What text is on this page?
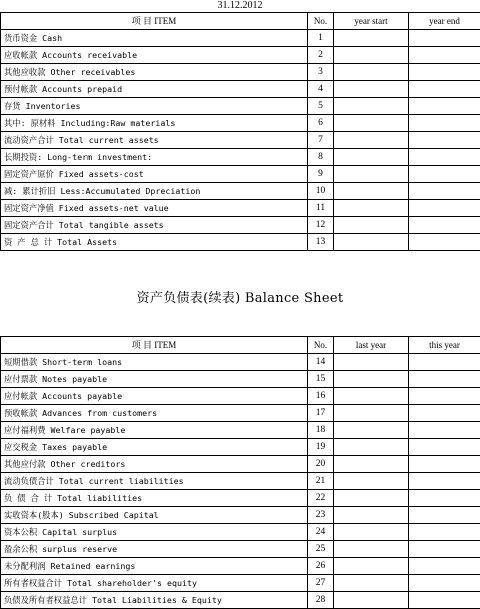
31.12.2012
项 目 ITEM	No.	year start	year end
货币资金 Cash	1		
应收帐款 Accounts receivable	2		
其他应收款 Other receivables	3		
预付帐款 Accounts prepaid	4		
存货 Inventories	5		
其中: 原材料 Including:Raw materials	6		
流动资产合计 Total current assets	7		
长期投资: Long-term investment:	8		
固定资产原价 Fixed assets-cost	9		
减: 累计折旧 Less:Accumulated Dpreciation	10		
固定资产净值 Fixed assets-net value	11		
固定资产合计 Total tangible assets	12		
资 产 总 计 Total Assets	13		
资产负债表(续表) Balance Sheet
项 目 ITEM	No.	last year	this year
短期借款 Short-term loans	14		
应付票款 Notes payable	15		
应付帐款 Accounts payable	16		
预收帐款 Advances from customers	17		
应付福利费 Welfare payable	18		
应交税金 Taxes payable	19		
其他应付款 Other creditors	20		
流动负债合计 Total current liabilities	21		
负 债 合 计 Total liabilities	22		
实收资本(股本) Subscribed Capital	23		
资本公积 Capital surplus	24		
盈余公积 surplus reserve	25		
未分配利润 Retained earnings	26		
所有者权益合计 Total shareholder's equity	27		
负债及所有者权益总计 Total Liabilities & Equity	28		
